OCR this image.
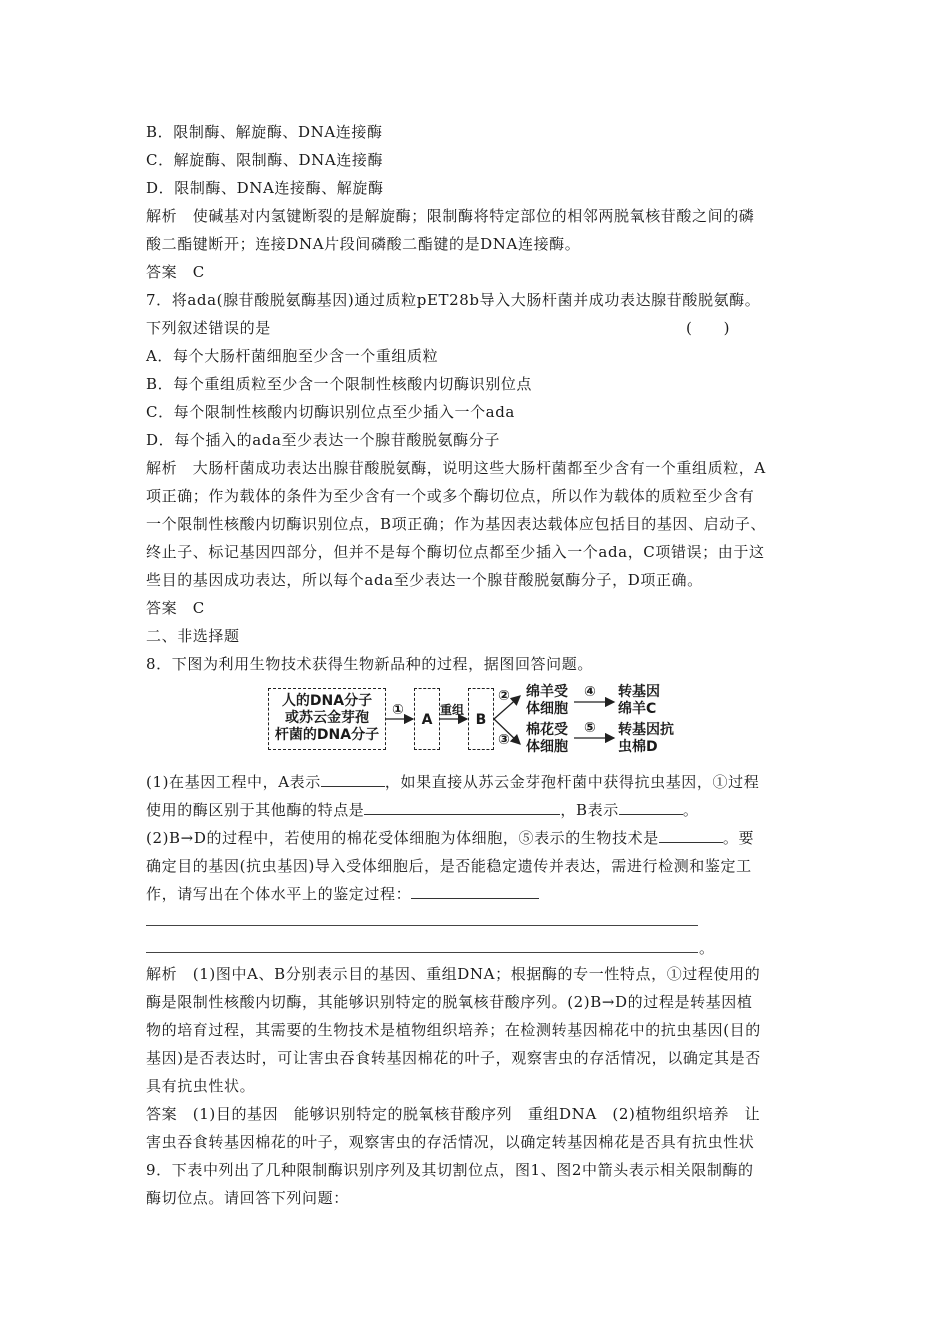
B．限制酶、解旋酶、DNA连接酶
C．解旋酶、限制酶、DNA连接酶
D．限制酶、DNA连接酶、解旋酶
解析　使碱基对内氢键断裂的是解旋酶；限制酶将特定部位的相邻两脱氧核苷酸之间的磷
酸二酯键断开；连接DNA片段间磷酸二酯键的是DNA连接酶。
答案　C
7．将ada(腺苷酸脱氨酶基因)通过质粒pET28b导入大肠杆菌并成功表达腺苷酸脱氨酶。
下列叙述错误的是	(　　)
A．每个大肠杆菌细胞至少含一个重组质粒
B．每个重组质粒至少含一个限制性核酸内切酶识别位点
C．每个限制性核酸内切酶识别位点至少插入一个ada
D．每个插入的ada至少表达一个腺苷酸脱氨酶分子
解析　大肠杆菌成功表达出腺苷酸脱氨酶，说明这些大肠杆菌都至少含有一个重组质粒，A
项正确；作为载体的条件为至少含有一个或多个酶切位点，所以作为载体的质粒至少含有
一个限制性核酸内切酶识别位点，B项正确；作为基因表达载体应包括目的基因、启动子、
终止子、标记基因四部分，但并不是每个酶切位点都至少插入一个ada，C项错误；由于这
些目的基因成功表达，所以每个ada至少表达一个腺苷酸脱氨酶分子，D项正确。
答案　C
二、非选择题
8．下图为利用生物技术获得生物新品种的过程，据图回答问题。
人的DNA分子
或苏云金芽孢
杆菌的DNA分子
A	B
①	重组
②
③
绵羊受
体细胞
④ 转基因
绵羊C
棉花受
体细胞
⑤ 转基因抗
虫棉D
(1)在基因工程中，A表示	，如果直接从苏云金芽孢杆菌中获得抗虫基因，①过程
使用的酶区别于其他酶的特点是	，B表示	。
(2)B→D的过程中，若使用的棉花受体细胞为体细胞，⑤表示的生物技术是	。要
确定目的基因(抗虫基因)导入受体细胞后，是否能稳定遗传并表达，需进行检测和鉴定工
作，请写出在个体水平上的鉴定过程：
。
解析　(1)图中A、B分别表示目的基因、重组DNA；根据酶的专一性特点，①过程使用的
酶是限制性核酸内切酶，其能够识别特定的脱氧核苷酸序列。(2)B→D的过程是转基因植
物的培育过程，其需要的生物技术是植物组织培养；在检测转基因棉花中的抗虫基因(目的
基因)是否表达时，可让害虫吞食转基因棉花的叶子，观察害虫的存活情况，以确定其是否
具有抗虫性状。
答案　(1)目的基因　能够识别特定的脱氧核苷酸序列　重组DNA　(2)植物组织培养　让
害虫吞食转基因棉花的叶子，观察害虫的存活情况，以确定转基因棉花是否具有抗虫性状
9．下表中列出了几种限制酶识别序列及其切割位点，图1、图2中箭头表示相关限制酶的
酶切位点。请回答下列问题：
